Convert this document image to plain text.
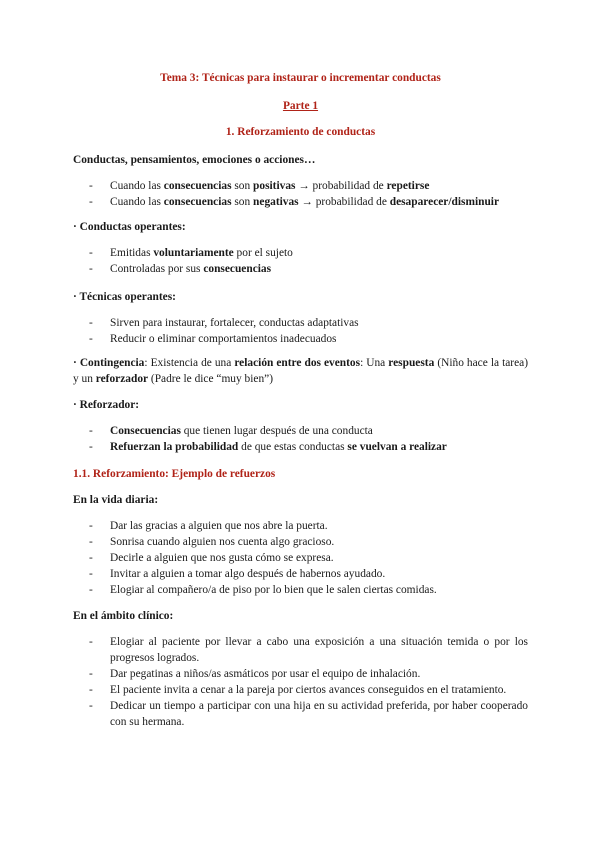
Tema 3: Técnicas para instaurar o incrementar conductas
Parte 1
1. Reforzamiento de conductas

Conductas, pensamientos, emociones o acciones…

- Cuando las consecuencias son positivas → probabilidad de repetirse
- Cuando las consecuencias son negativas → probabilidad de desaparecer/disminuir

· Conductas operantes:

- Emitidas voluntariamente por el sujeto
- Controladas por sus consecuencias

· Técnicas operantes:

- Sirven para instaurar, fortalecer, conductas adaptativas
- Reducir o eliminar comportamientos inadecuados

· Contingencia: Existencia de una relación entre dos eventos: Una respuesta (Niño hace la tarea) y un reforzador (Padre le dice “muy bien”)

· Reforzador:

- Consecuencias que tienen lugar después de una conducta
- Refuerzan la probabilidad de que estas conductas se vuelvan a realizar
1.1. Reforzamiento: Ejemplo de refuerzos

En la vida diaria:

- Dar las gracias a alguien que nos abre la puerta.
- Sonrisa cuando alguien nos cuenta algo gracioso.
- Decirle a alguien que nos gusta cómo se expresa.
- Invitar a alguien a tomar algo después de habernos ayudado.
- Elogiar al compañero/a de piso por lo bien que le salen ciertas comidas.

En el ámbito clínico:

- Elogiar al paciente por llevar a cabo una exposición a una situación temida o por los progresos logrados.
- Dar pegatinas a niños/as asmáticos por usar el equipo de inhalación.
- El paciente invita a cenar a la pareja por ciertos avances conseguidos en el tratamiento.
- Dedicar un tiempo a participar con una hija en su actividad preferida, por haber cooperado con su hermana.
